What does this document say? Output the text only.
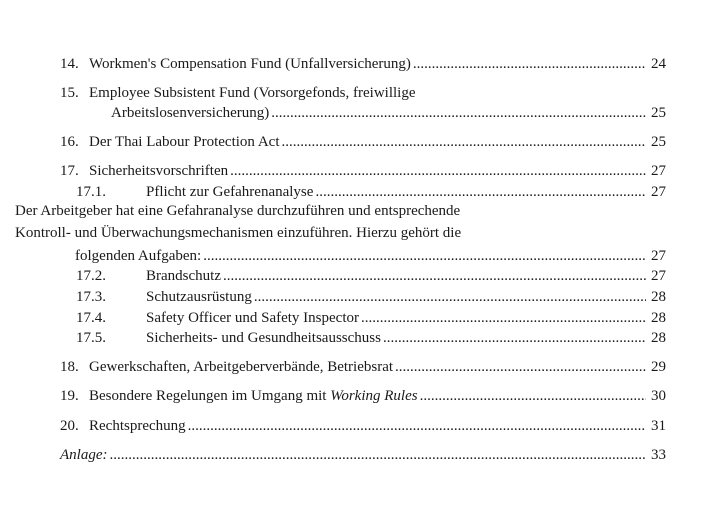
14. Workmen's Compensation Fund (Unfallversicherung) .....	24
15. Employee Subsistent Fund (Vorsorgefonds, freiwillige
Arbeitslosenversicherung) .....	25
16. Der Thai Labour Protection Act .....	25
17. Sicherheitsvorschriften .....	27
17.1.	Pflicht zur Gefahrenanalyse .....	27
Der Arbeitgeber hat eine Gefahranalyse durchzuführen und entsprechende
Kontroll- und Überwachungsmechanismen einzuführen. Hierzu gehört die
folgenden Aufgaben: .....	27
17.2.	Brandschutz .....	27
17.3.	Schutzausrüstung .....	28
17.4.	Safety Officer und Safety Inspector .....	28
17.5.	Sicherheits- und Gesundheitsausschuss .....	28
18. Gewerkschaften, Arbeitgeberverbände, Betriebsrat .....	29
19. Besondere Regelungen im Umgang mit Working Rules .....	30
20. Rechtsprechung .....	31
Anlage: .....	33
